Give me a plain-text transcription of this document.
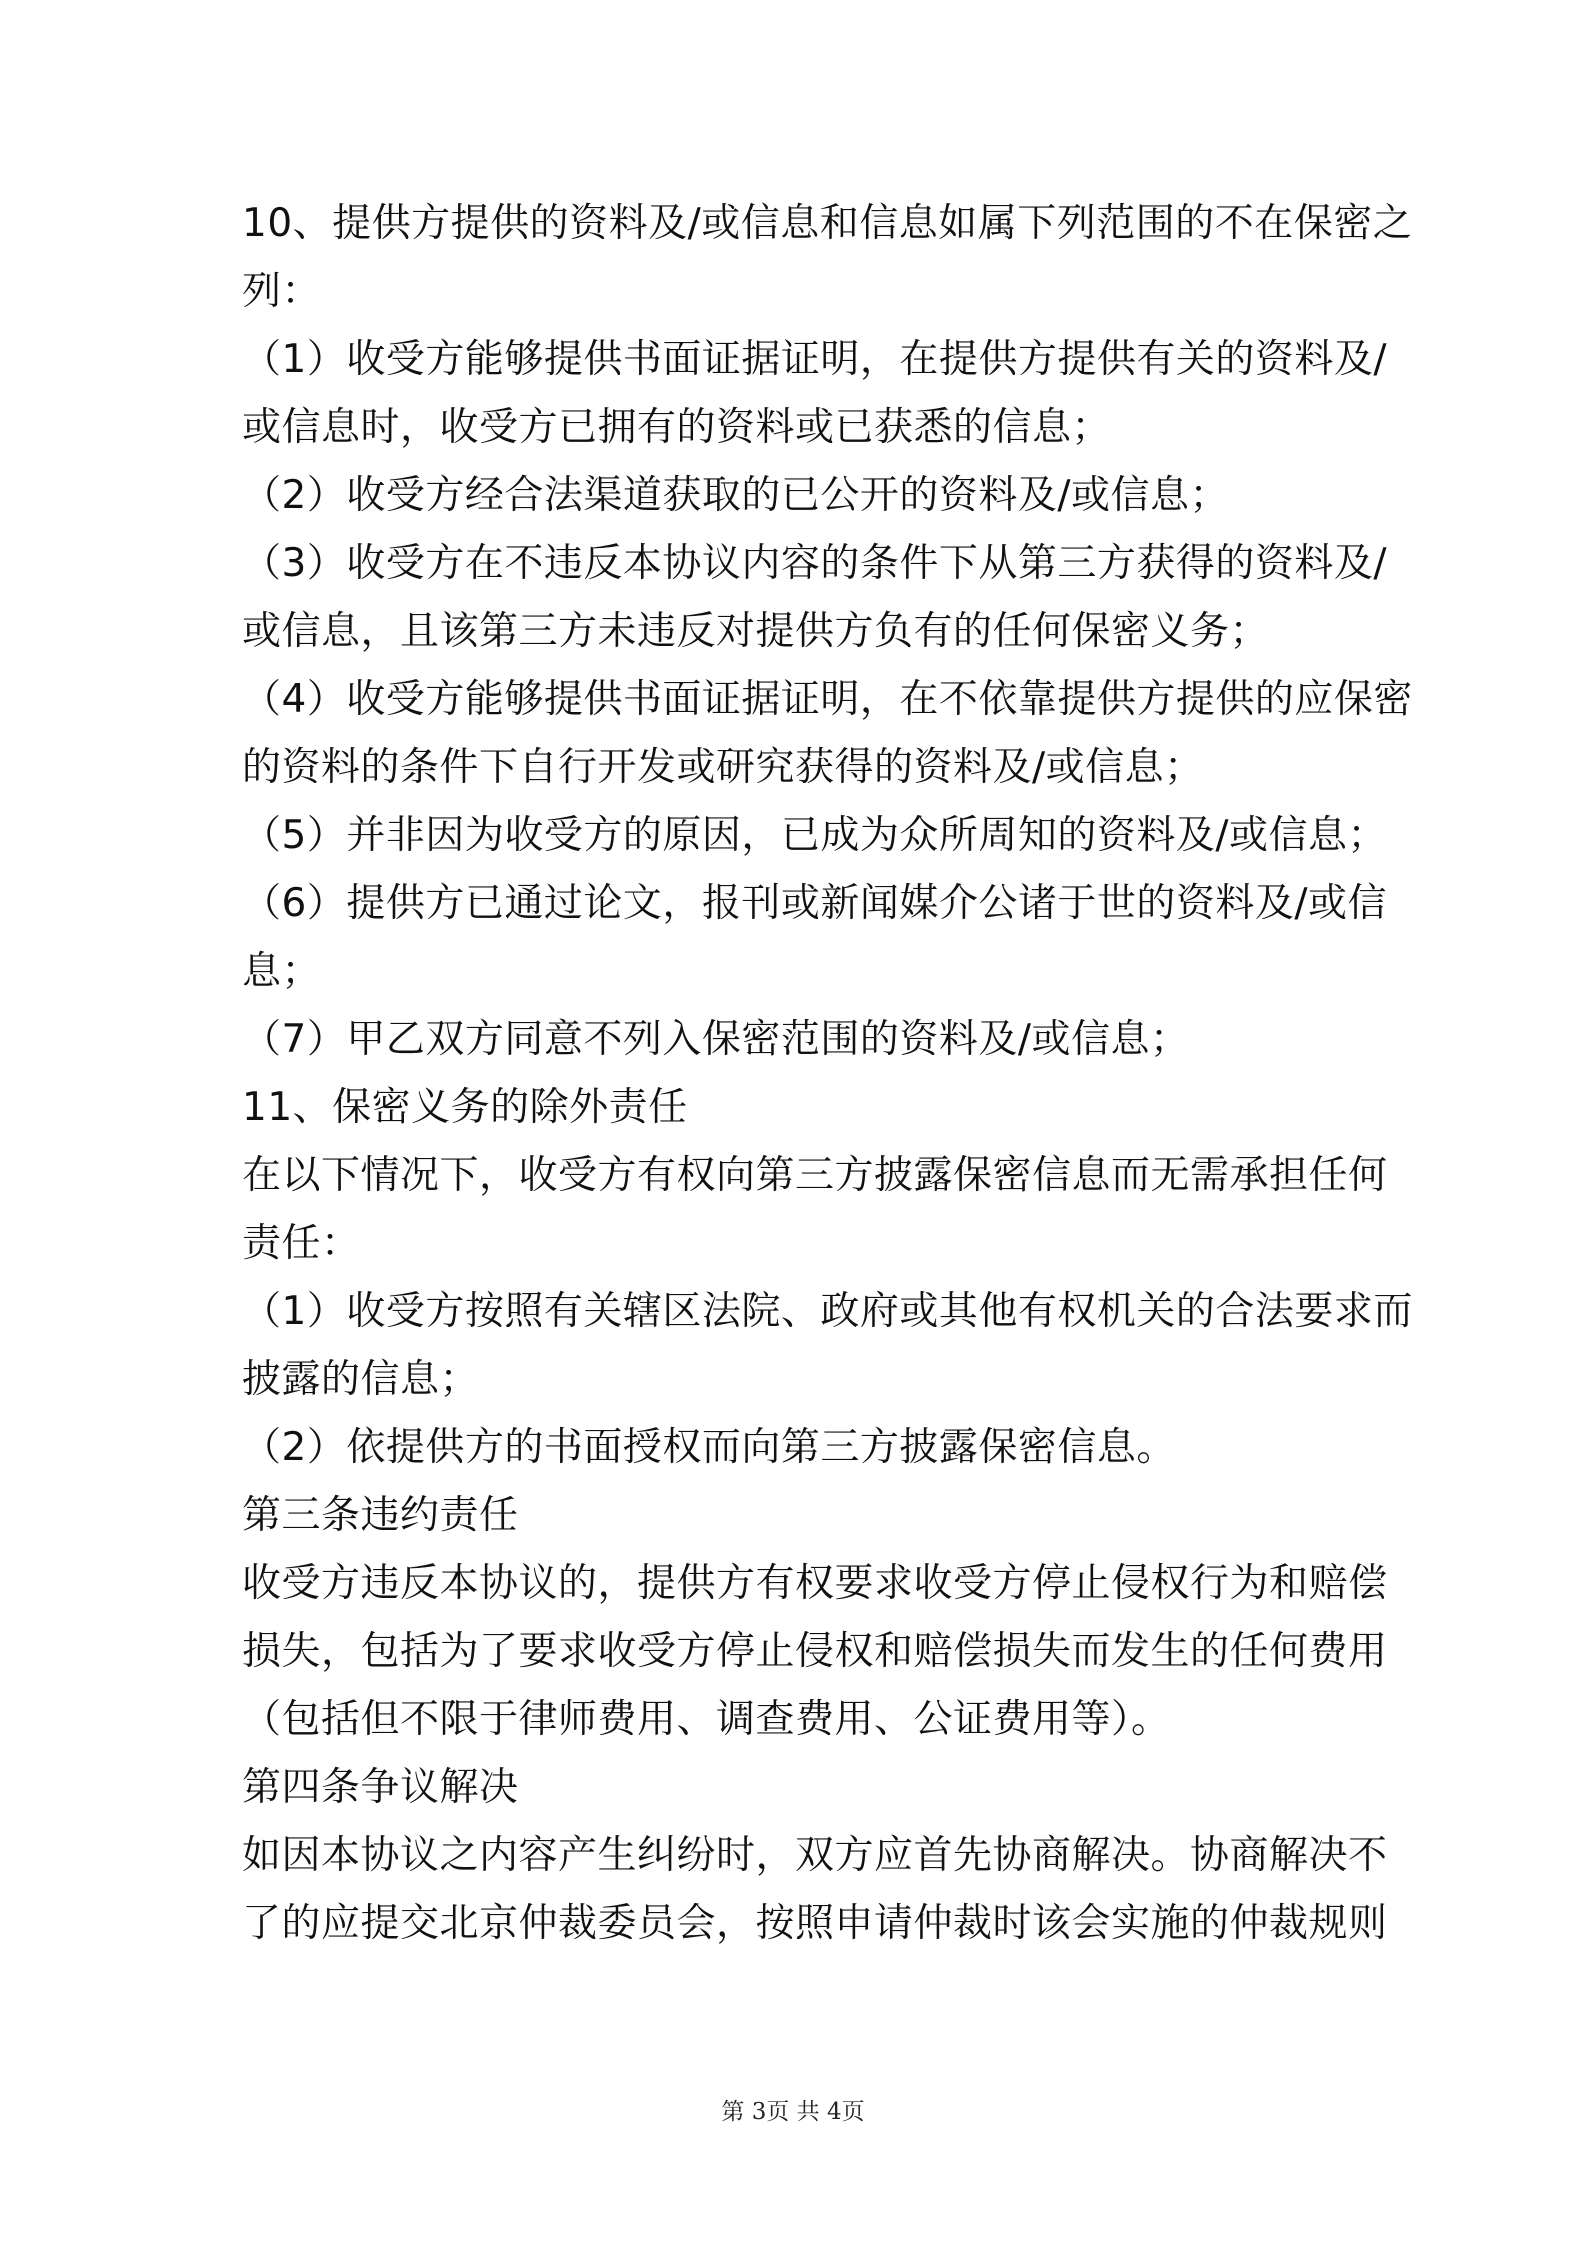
10、提供方提供的资料及/或信息和信息如属下列范围的不在保密之
列：
（1）收受方能够提供书面证据证明，在提供方提供有关的资料及/
或信息时，收受方已拥有的资料或已获悉的信息；
（2）收受方经合法渠道获取的已公开的资料及/或信息；
（3）收受方在不违反本协议内容的条件下从第三方获得的资料及/
或信息，且该第三方未违反对提供方负有的任何保密义务；
（4）收受方能够提供书面证据证明，在不依靠提供方提供的应保密
的资料的条件下自行开发或研究获得的资料及/或信息；
（5）并非因为收受方的原因，已成为众所周知的资料及/或信息；
（6）提供方已通过论文，报刊或新闻媒介公诸于世的资料及/或信
息；
（7）甲乙双方同意不列入保密范围的资料及/或信息；
11、保密义务的除外责任
在以下情况下，收受方有权向第三方披露保密信息而无需承担任何
责任：
（1）收受方按照有关辖区法院、政府或其他有权机关的合法要求而
披露的信息；
（2）依提供方的书面授权而向第三方披露保密信息。
第三条违约责任
收受方违反本协议的，提供方有权要求收受方停止侵权行为和赔偿
损失，包括为了要求收受方停止侵权和赔偿损失而发生的任何费用
（包括但不限于律师费用、调查费用、公证费用等）。
第四条争议解决
如因本协议之内容产生纠纷时，双方应首先协商解决。协商解决不
了的应提交北京仲裁委员会，按照申请仲裁时该会实施的仲裁规则
第 3页 共 4页
